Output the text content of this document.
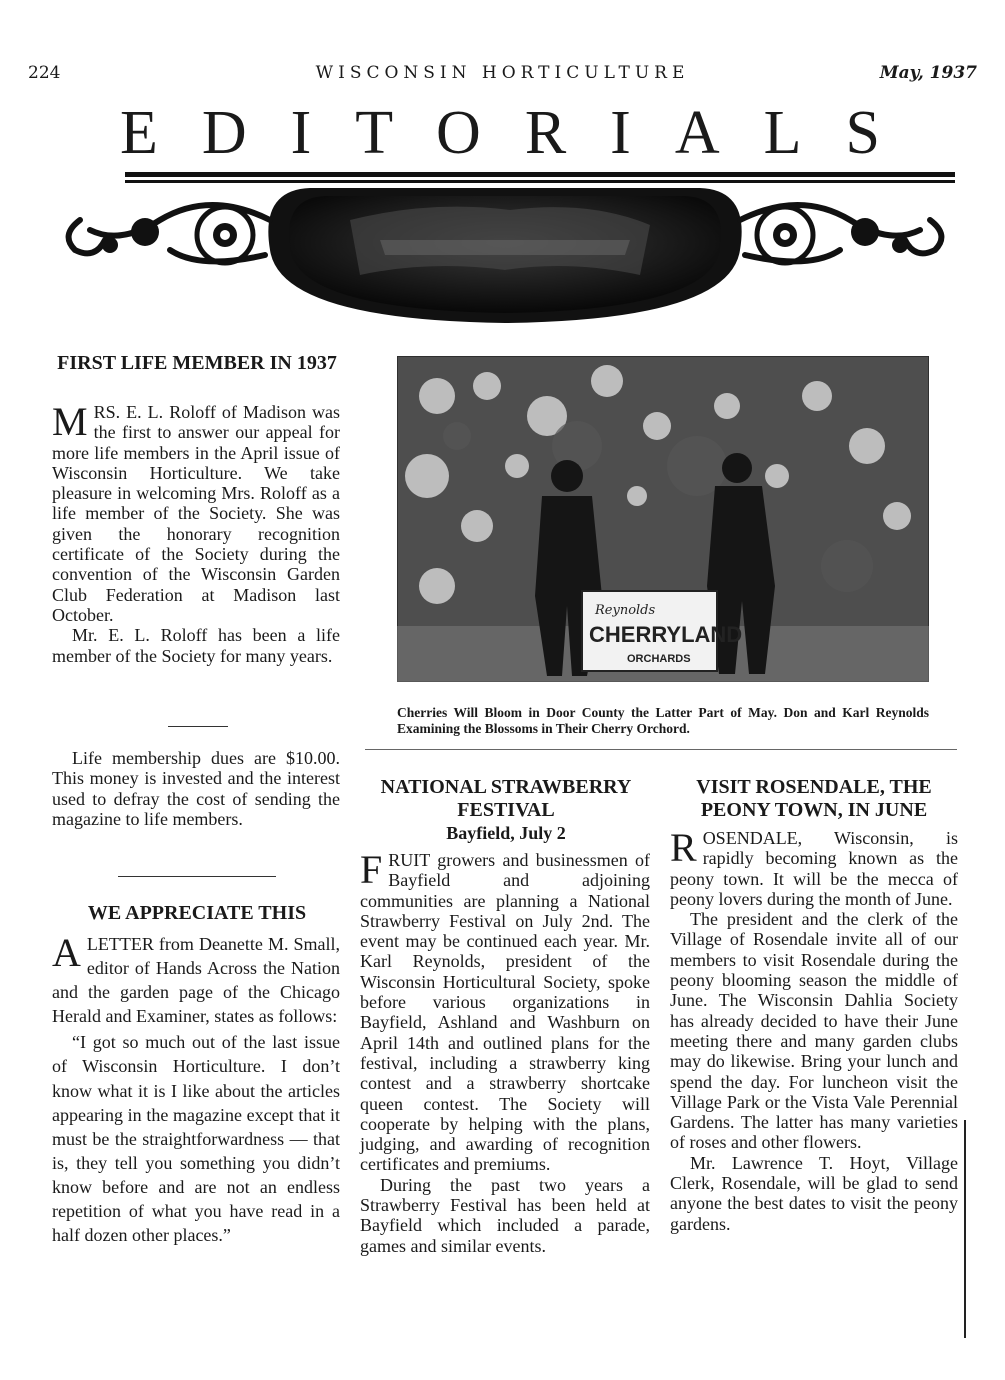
224	WISCONSIN HORTICULTURE	May, 1937
EDITORIALS
FIRST LIFE MEMBER IN 1937
M RS. E. L. Roloff of Madison was the first to answer our appeal for more life members in the April issue of Wisconsin Horticulture. We take pleasure in welcoming Mrs. Roloff as a life member of the Society. She was given the honorary recognition certificate of the Society during the convention of the Wisconsin Garden Club Federation at Madison last October.

Mr. E. L. Roloff has been a life member of the Society for many years.

Life membership dues are $10.00. This money is invested and the interest used to defray the cost of sending the magazine to life members.

WE APPRECIATE THIS
A LETTER from Deanette M. Small, editor of Hands Across the Nation and the garden page of the Chicago Herald and Examiner, states as follows:

“I got so much out of the last issue of Wisconsin Horticulture. I don’t know what it is I like about the articles appearing in the magazine except that it must be the straightforwardness — that is, they tell you something you didn’t know before and are not an endless repetition of what you have read in a half dozen other places.”

Reynolds
CHERRYLAND
ORCHARDS
Cherries Will Bloom in Door County the Latter Part of May. Don and Karl Reynolds Examining the Blossoms in Their Cherry Orchord.
NATIONAL STRAWBERRY FESTIVAL
Bayfield, July 2
F RUIT growers and businessmen of Bayfield and adjoining communities are planning a National Strawberry Festival on July 2nd. The event may be continued each year. Mr. Karl Reynolds, president of the Wisconsin Horticultural Society, spoke before various organizations in Bayfield, Ashland and Washburn on April 14th and outlined plans for the festival, including a strawberry king contest and a strawberry shortcake queen contest. The Society will cooperate by helping with the plans, judging, and awarding of recognition certificates and premiums.

During the past two years a Strawberry Festival has been held at Bayfield which included a parade, games and similar events.

VISIT ROSENDALE, THE PEONY TOWN, IN JUNE
R OSENDALE, Wisconsin, is rapidly becoming known as the peony town. It will be the mecca of peony lovers during the month of June.

The president and the clerk of the Village of Rosendale invite all of our members to visit Rosendale during the peony blooming season the middle of June. The Wisconsin Dahlia Society has already decided to have their June meeting there and many garden clubs may do likewise. Bring your lunch and spend the day. For luncheon visit the Village Park or the Vista Vale Perennial Gardens. The latter has many varieties of roses and other flowers.

Mr. Lawrence T. Hoyt, Village Clerk, Rosendale, will be glad to send anyone the best dates to visit the peony gardens.
